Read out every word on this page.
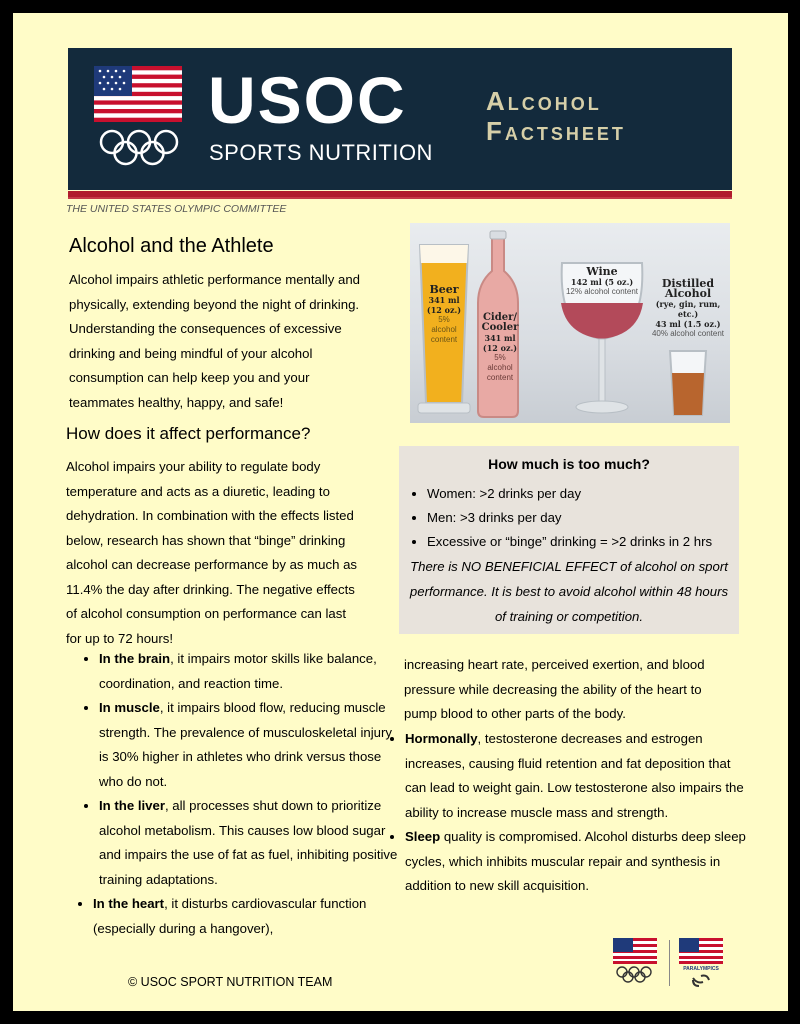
USOC
SPORTS NUTRITION
Alcohol
Factsheet
THE UNITED STATES OLYMPIC COMMITTEE
Alcohol and the Athlete
Alcohol impairs athletic performance mentally and
physically, extending beyond the night of drinking.
Understanding the consequences of excessive
drinking and being mindful of your alcohol
consumption can help keep you and your
teammates healthy, happy, and safe!
Beer
341 ml
(12 oz.)
5%
alcohol
content
Cider/
Cooler
341 ml
(12 oz.)
5%
alcohol
content
Wine
142 ml (5 oz.)
12% alcohol content
Distilled
Alcohol
(rye, gin, rum, etc.)
43 ml (1.5 oz.)
40% alcohol content
How does it affect performance?
Alcohol impairs your ability to regulate body
temperature and acts as a diuretic, leading to
dehydration. In combination with the effects listed
below, research has shown that “binge” drinking
alcohol can decrease performance by as much as
11.4% the day after drinking. The negative effects
of alcohol consumption on performance can last
for up to 72 hours!
How much is too much?
• Women: >2 drinks per day
• Men: >3 drinks per day
• Excessive or “binge” drinking = >2 drinks in 2 hrs
There is NO BENEFICIAL EFFECT of alcohol on sport
performance. It is best to avoid alcohol within 48 hours
of training or competition.
• In the brain, it impairs motor skills like balance, coordination, and reaction time.
• In muscle, it impairs blood flow, reducing muscle strength. The prevalence of musculoskeletal injury is 30% higher in athletes who drink versus those who do not.
• In the liver, all processes shut down to prioritize alcohol metabolism. This causes low blood sugar and impairs the use of fat as fuel, inhibiting positive training adaptations.
• In the heart, it disturbs cardiovascular function (especially during a hangover),
increasing heart rate, perceived exertion, and blood pressure while decreasing the ability of the heart to pump blood to other parts of the body.
• Hormonally, testosterone decreases and estrogen increases, causing fluid retention and fat deposition that can lead to weight gain. Low testosterone also impairs the ability to increase muscle mass and strength.
• Sleep quality is compromised. Alcohol disturbs deep sleep cycles, which inhibits muscular repair and synthesis in addition to new skill acquisition.
© USOC SPORT NUTRITION TEAM
PARALYMPICS
